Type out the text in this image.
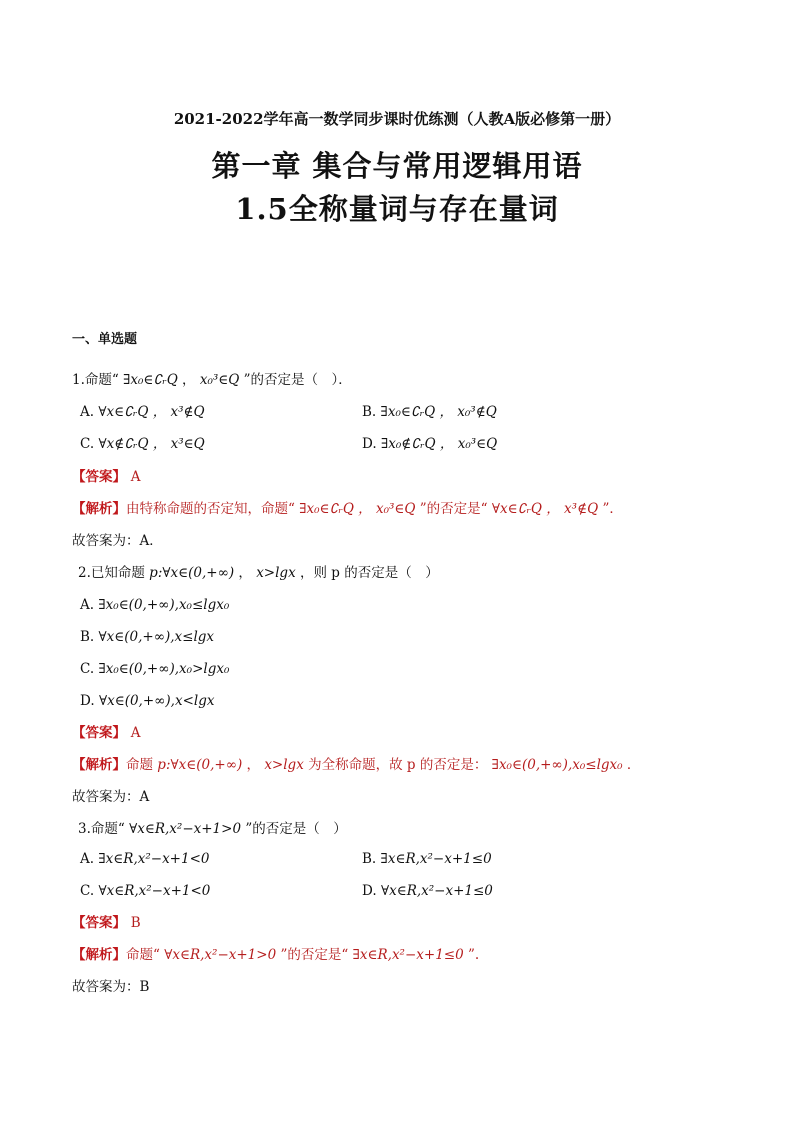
2021-2022学年高一数学同步课时优练测（人教A版必修第一册）
第一章 集合与常用逻辑用语
1.5全称量词与存在量词
一、单选题
1.命题“ ∃x₀∈∁ᵣQ ， x₀³∈Q ”的否定是（　）．
A. ∀x∈∁ᵣQ ， x³∉Q	B. ∃x₀∈∁ᵣQ ， x₀³∉Q
C. ∀x∉∁ᵣQ ， x³∈Q	D. ∃x₀∉∁ᵣQ ， x₀³∈Q
【答案】 A
【解析】由特称命题的否定知，命题“ ∃x₀∈∁ᵣQ ， x₀³∈Q ”的否定是“ ∀x∈∁ᵣQ ， x³∉Q ”．
故答案为：A．
2.已知命题 p:∀x∈(0,+∞) ， x>lgx ，则 p 的否定是（　）
A. ∃x₀∈(0,+∞),x₀≤lgx₀
B. ∀x∈(0,+∞),x≤lgx
C. ∃x₀∈(0,+∞),x₀>lgx₀
D. ∀x∈(0,+∞),x<lgx
【答案】 A
【解析】命题 p:∀x∈(0,+∞) ， x>lgx 为全称命题，故 p 的否定是： ∃x₀∈(0,+∞),x₀≤lgx₀ ．
故答案为：A
3.命题“ ∀x∈R,x²−x+1>0 ”的否定是（　）
A. ∃x∈R,x²−x+1<0	B. ∃x∈R,x²−x+1≤0
C. ∀x∈R,x²−x+1<0	D. ∀x∈R,x²−x+1≤0
【答案】 B
【解析】命题“ ∀x∈R,x²−x+1>0 ”的否定是“ ∃x∈R,x²−x+1≤0 ”.
故答案为：B
